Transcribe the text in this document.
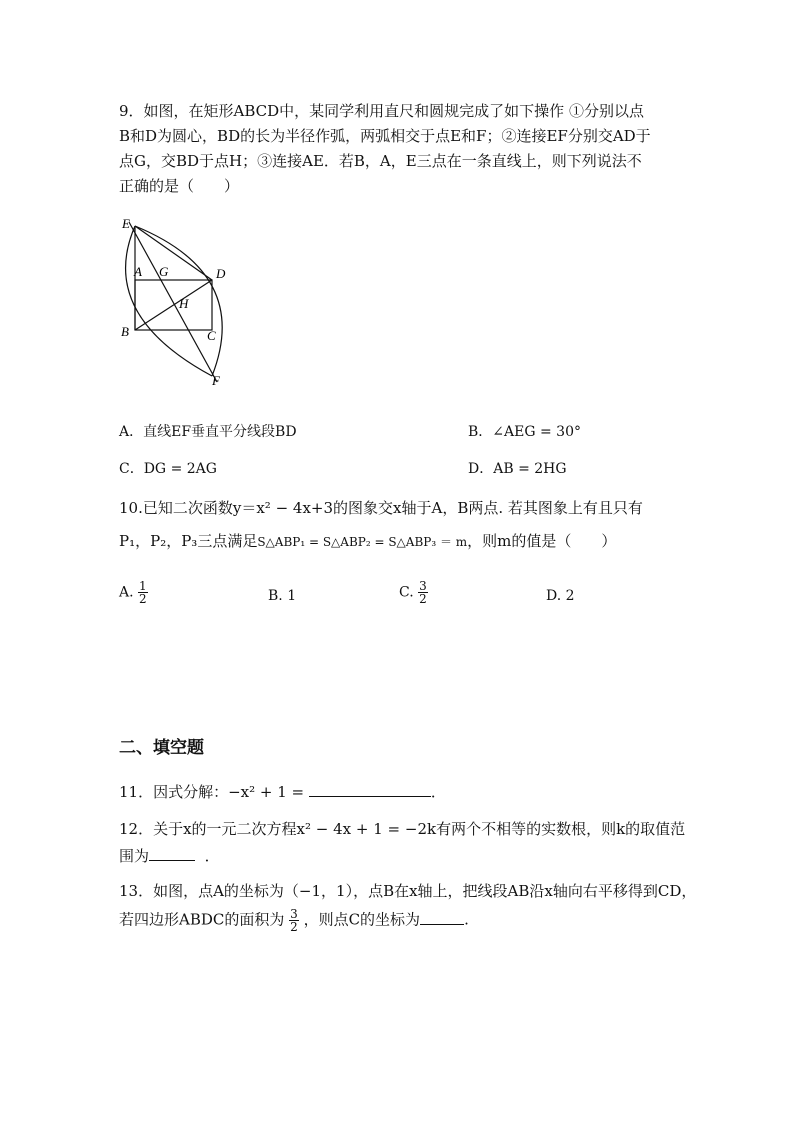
9．如图，在矩形ABCD中，某同学利用直尺和圆规完成了如下操作 ①分别以点
B和D为圆心，BD的长为半径作弧，两弧相交于点E和F；②连接EF分别交AD于
点G，交BD于点H；③连接AE．若B，A，E三点在一条直线上，则下列说法不
正确的是（　　）
E
A G	D
H
B	C
F
A．直线EF垂直平分线段BD	B．∠AEG = 30°
C．DG = 2AG	D．AB = 2HG
10.已知二次函数y＝x² − 4x+3的图象交x轴于A，B两点. 若其图象上有且只有
P₁，P₂，P₃三点满足S△ABP₁ = S△ABP₂ = S△ABP₃ ＝ m，则m的值是（　　）
A. $\frac{1}{2}$	B. 1	C. $\frac{3}{2}$	D. 2
二、填空题
11．因式分解：−x² + 1 =	．
12．关于x的一元二次方程x² − 4x + 1 = −2k有两个不相等的实数根，则k的取值范
围为	．
13．如图，点A的坐标为（−1，1），点B在x轴上，把线段AB沿x轴向右平移得到CD，
若四边形ABDC的面积为 $\frac{3}{2}$ ，则点C的坐标为	.
